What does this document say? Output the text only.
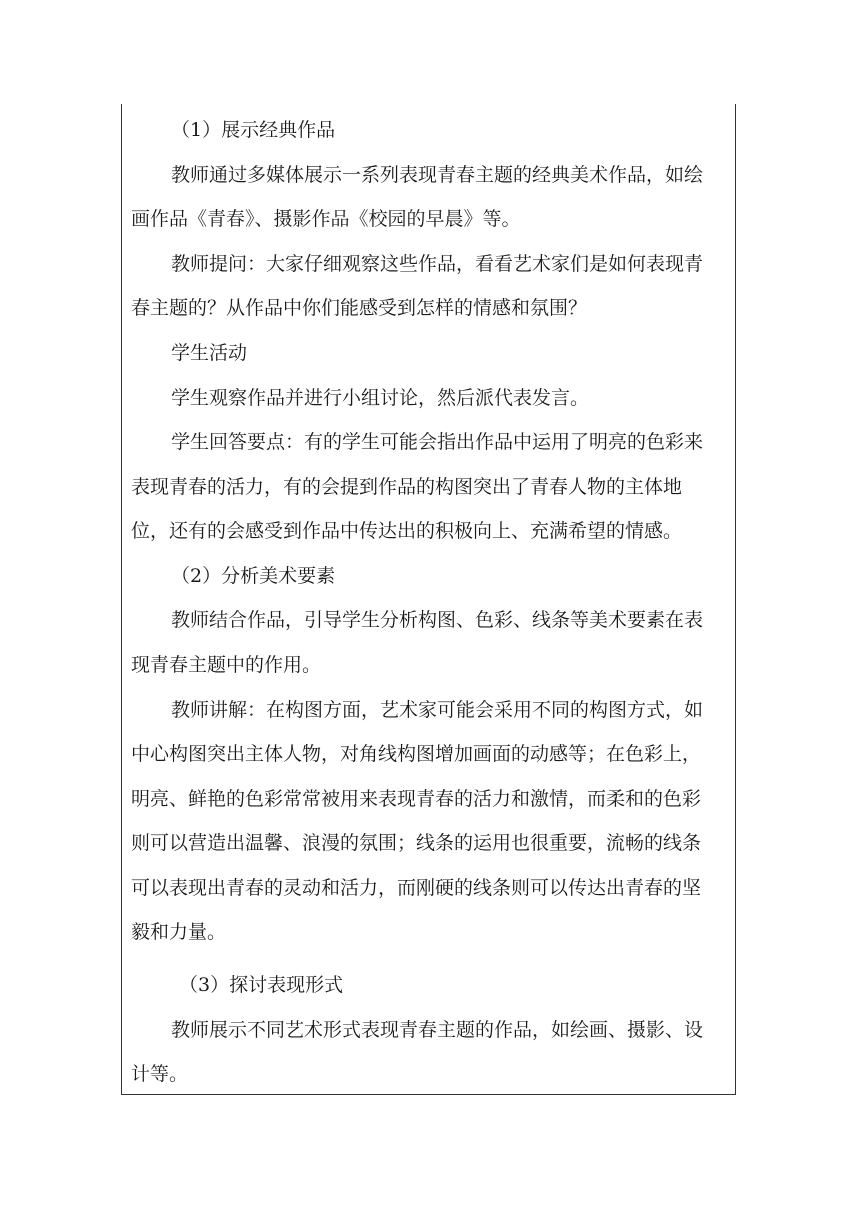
（1）展示经典作品
教师通过多媒体展示一系列表现青春主题的经典美术作品，如绘
画作品《青春》、摄影作品《校园的早晨》等。
教师提问：大家仔细观察这些作品，看看艺术家们是如何表现青
春主题的？从作品中你们能感受到怎样的情感和氛围？
学生活动
学生观察作品并进行小组讨论，然后派代表发言。
学生回答要点：有的学生可能会指出作品中运用了明亮的色彩来
表现青春的活力，有的会提到作品的构图突出了青春人物的主体地
位，还有的会感受到作品中传达出的积极向上、充满希望的情感。
（2）分析美术要素
教师结合作品，引导学生分析构图、色彩、线条等美术要素在表
现青春主题中的作用。
教师讲解：在构图方面，艺术家可能会采用不同的构图方式，如
中心构图突出主体人物，对角线构图增加画面的动感等；在色彩上，
明亮、鲜艳的色彩常常被用来表现青春的活力和激情，而柔和的色彩
则可以营造出温馨、浪漫的氛围；线条的运用也很重要，流畅的线条
可以表现出青春的灵动和活力，而刚硬的线条则可以传达出青春的坚
毅和力量。
（3）探讨表现形式
教师展示不同艺术形式表现青春主题的作品，如绘画、摄影、设
计等。
